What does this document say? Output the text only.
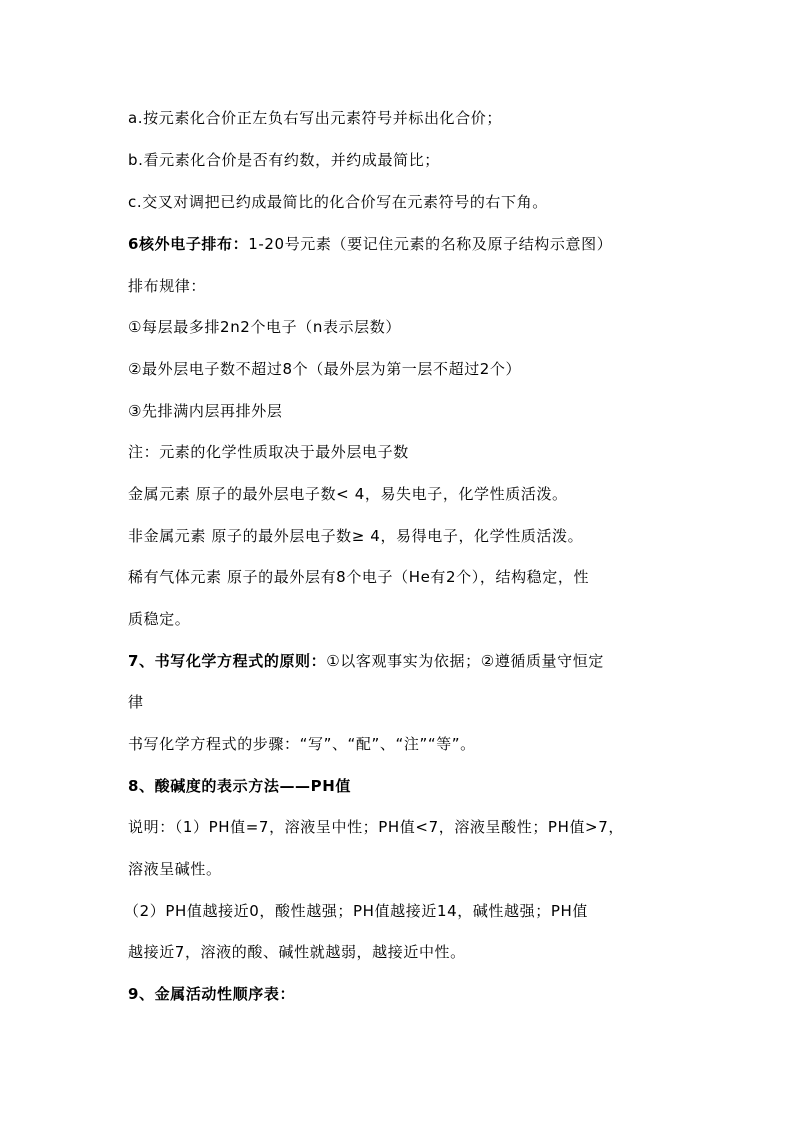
a.按元素化合价正左负右写出元素符号并标出化合价；
b.看元素化合价是否有约数，并约成最简比；
c.交叉对调把已约成最简比的化合价写在元素符号的右下角。
6核外电子排布：1-20号元素（要记住元素的名称及原子结构示意图）
排布规律：
①每层最多排2n2个电子（n表示层数）
②最外层电子数不超过8个（最外层为第一层不超过2个）
③先排满内层再排外层
注：元素的化学性质取决于最外层电子数
金属元素 原子的最外层电子数< 4，易失电子，化学性质活泼。
非金属元素 原子的最外层电子数≥ 4，易得电子，化学性质活泼。
稀有气体元素 原子的最外层有8个电子（He有2个），结构稳定，性
质稳定。
7、书写化学方程式的原则：①以客观事实为依据；②遵循质量守恒定
律
书写化学方程式的步骤：“写”、“配”、“注”“等”。
8、酸碱度的表示方法——PH值
说明：（1）PH值=7，溶液呈中性；PH值<7，溶液呈酸性；PH值>7，
溶液呈碱性。
（2）PH值越接近0，酸性越强；PH值越接近14，碱性越强；PH值
越接近7，溶液的酸、碱性就越弱，越接近中性。
9、金属活动性顺序表：
